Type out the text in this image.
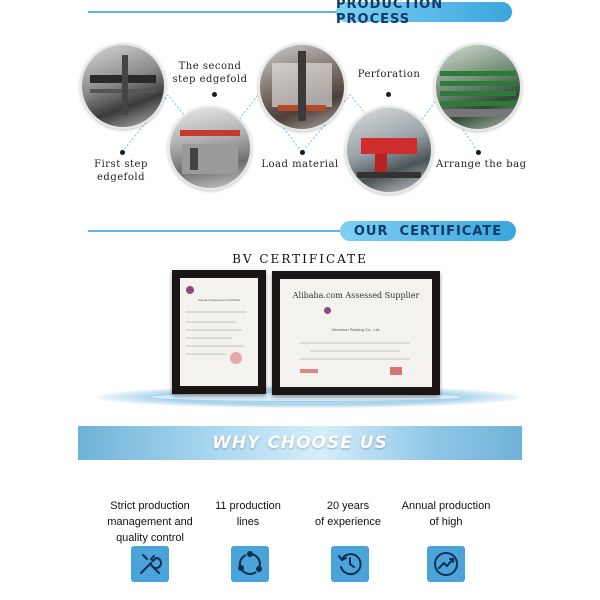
PRODUCTION PROCESS
First step
edgefold
The second
step edgefold
Load material
Perforation
Arrange the bag
OUR  CERTIFICATE
BV CERTIFICATE
Supplier Assessment Certificate	Alibaba.com Assessed Supplier
Wenzhou Packing Co., Ltd.
WHY CHOOSE US
Strict production
management and
quality control
11 production
lines
20 years
of experience
Annual production
of high
